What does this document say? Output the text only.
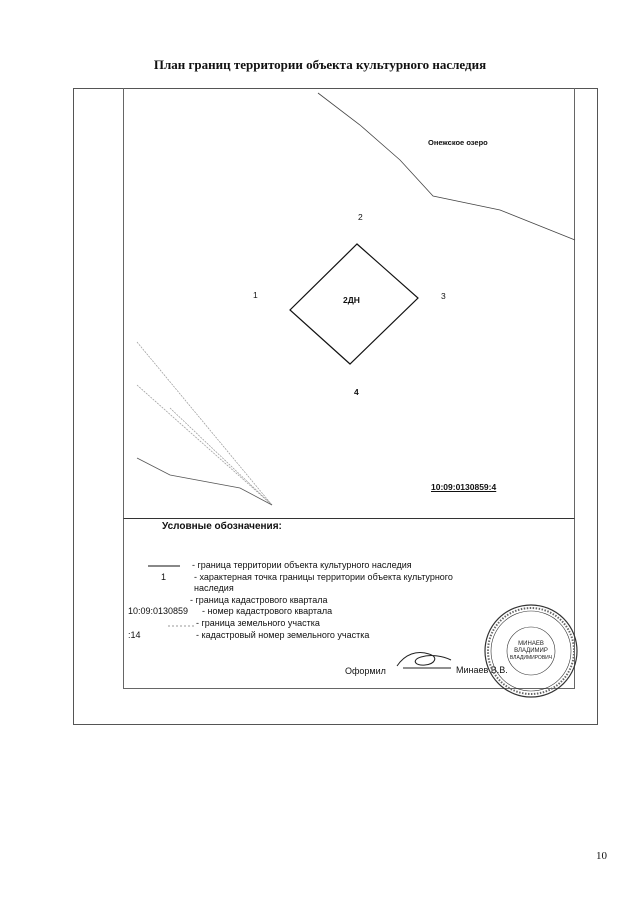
План границ территории объекта культурного наследия
Онежское озеро
1
2
3
4
2ДН
10:09:0130859:4
Условные обозначения:
- граница территории объекта культурного наследия
1	- характерная точка границы территории объекта культурного наследия
- граница кадастрового квартала
10:09:0130859 - номер кадастрового квартала
- граница земельного участка
:14	- кадастровый номер земельного участка
Оформил	Минаев В.В.
МИНАЕВ
ВЛАДИМИР
ВЛАДИМИРОВИЧ
10
